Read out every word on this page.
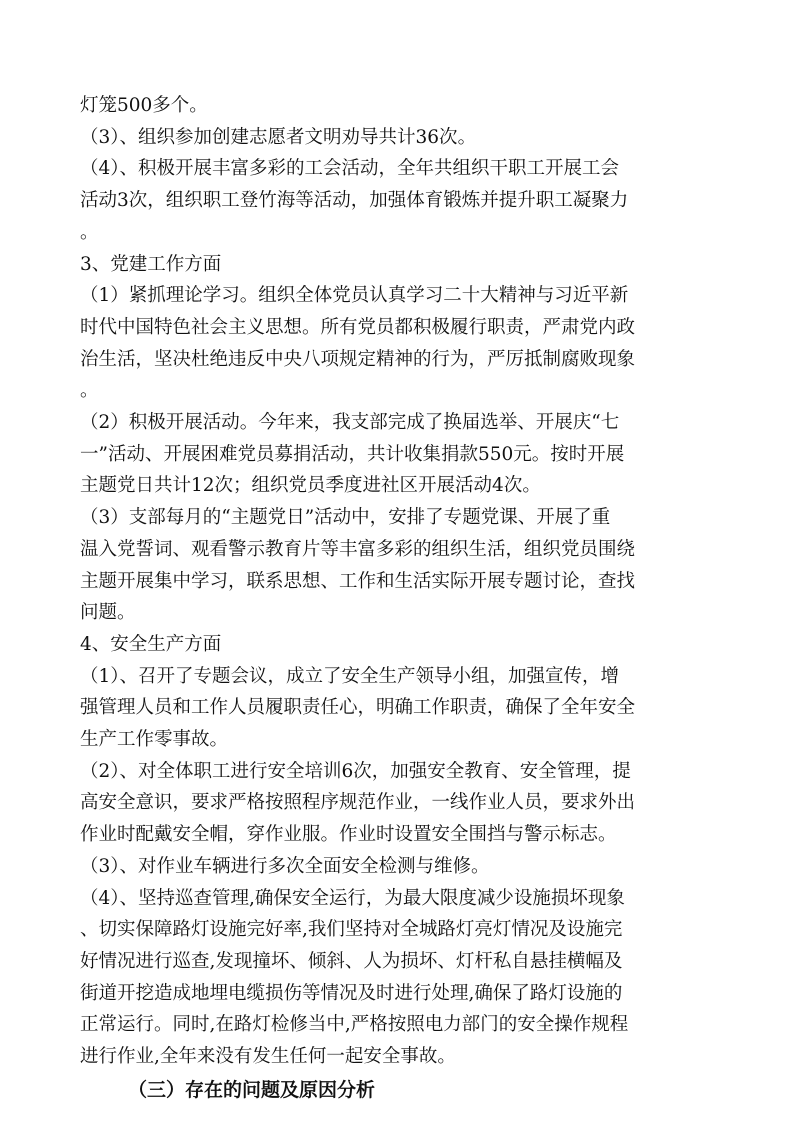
灯笼500多个。
（3）、组织参加创建志愿者文明劝导共计36次。
（4）、积极开展丰富多彩的工会活动，全年共组织干职工开展工会
活动3次，组织职工登竹海等活动，加强体育锻炼并提升职工凝聚力
。
3、党建工作方面
（1）紧抓理论学习。组织全体党员认真学习二十大精神与习近平新
时代中国特色社会主义思想。所有党员都积极履行职责，严肃党内政
治生活，坚决杜绝违反中央八项规定精神的行为，严厉抵制腐败现象
。
（2）积极开展活动。今年来，我支部完成了换届选举、开展庆“七
一”活动、开展困难党员募捐活动，共计收集捐款550元。按时开展
主题党日共计12次；组织党员季度进社区开展活动4次。
（3）支部每月的“主题党日”活动中，安排了专题党课、开展了重
温入党誓词、观看警示教育片等丰富多彩的组织生活，组织党员围绕
主题开展集中学习，联系思想、工作和生活实际开展专题讨论，查找
问题。
4、安全生产方面
（1）、召开了专题会议，成立了安全生产领导小组，加强宣传，增
强管理人员和工作人员履职责任心，明确工作职责，确保了全年安全
生产工作零事故。
（2）、对全体职工进行安全培训6次，加强安全教育、安全管理，提
高安全意识，要求严格按照程序规范作业，一线作业人员，要求外出
作业时配戴安全帽，穿作业服。作业时设置安全围挡与警示标志。
（3）、对作业车辆进行多次全面安全检测与维修。
（4）、坚持巡查管理,确保安全运行，为最大限度减少设施损坏现象
、切实保障路灯设施完好率,我们坚持对全城路灯亮灯情况及设施完
好情况进行巡查,发现撞坏、倾斜、人为损坏、灯杆私自悬挂横幅及
街道开挖造成地埋电缆损伤等情况及时进行处理,确保了路灯设施的
正常运行。同时,在路灯检修当中,严格按照电力部门的安全操作规程
进行作业,全年来没有发生任何一起安全事故。
（三）存在的问题及原因分析
